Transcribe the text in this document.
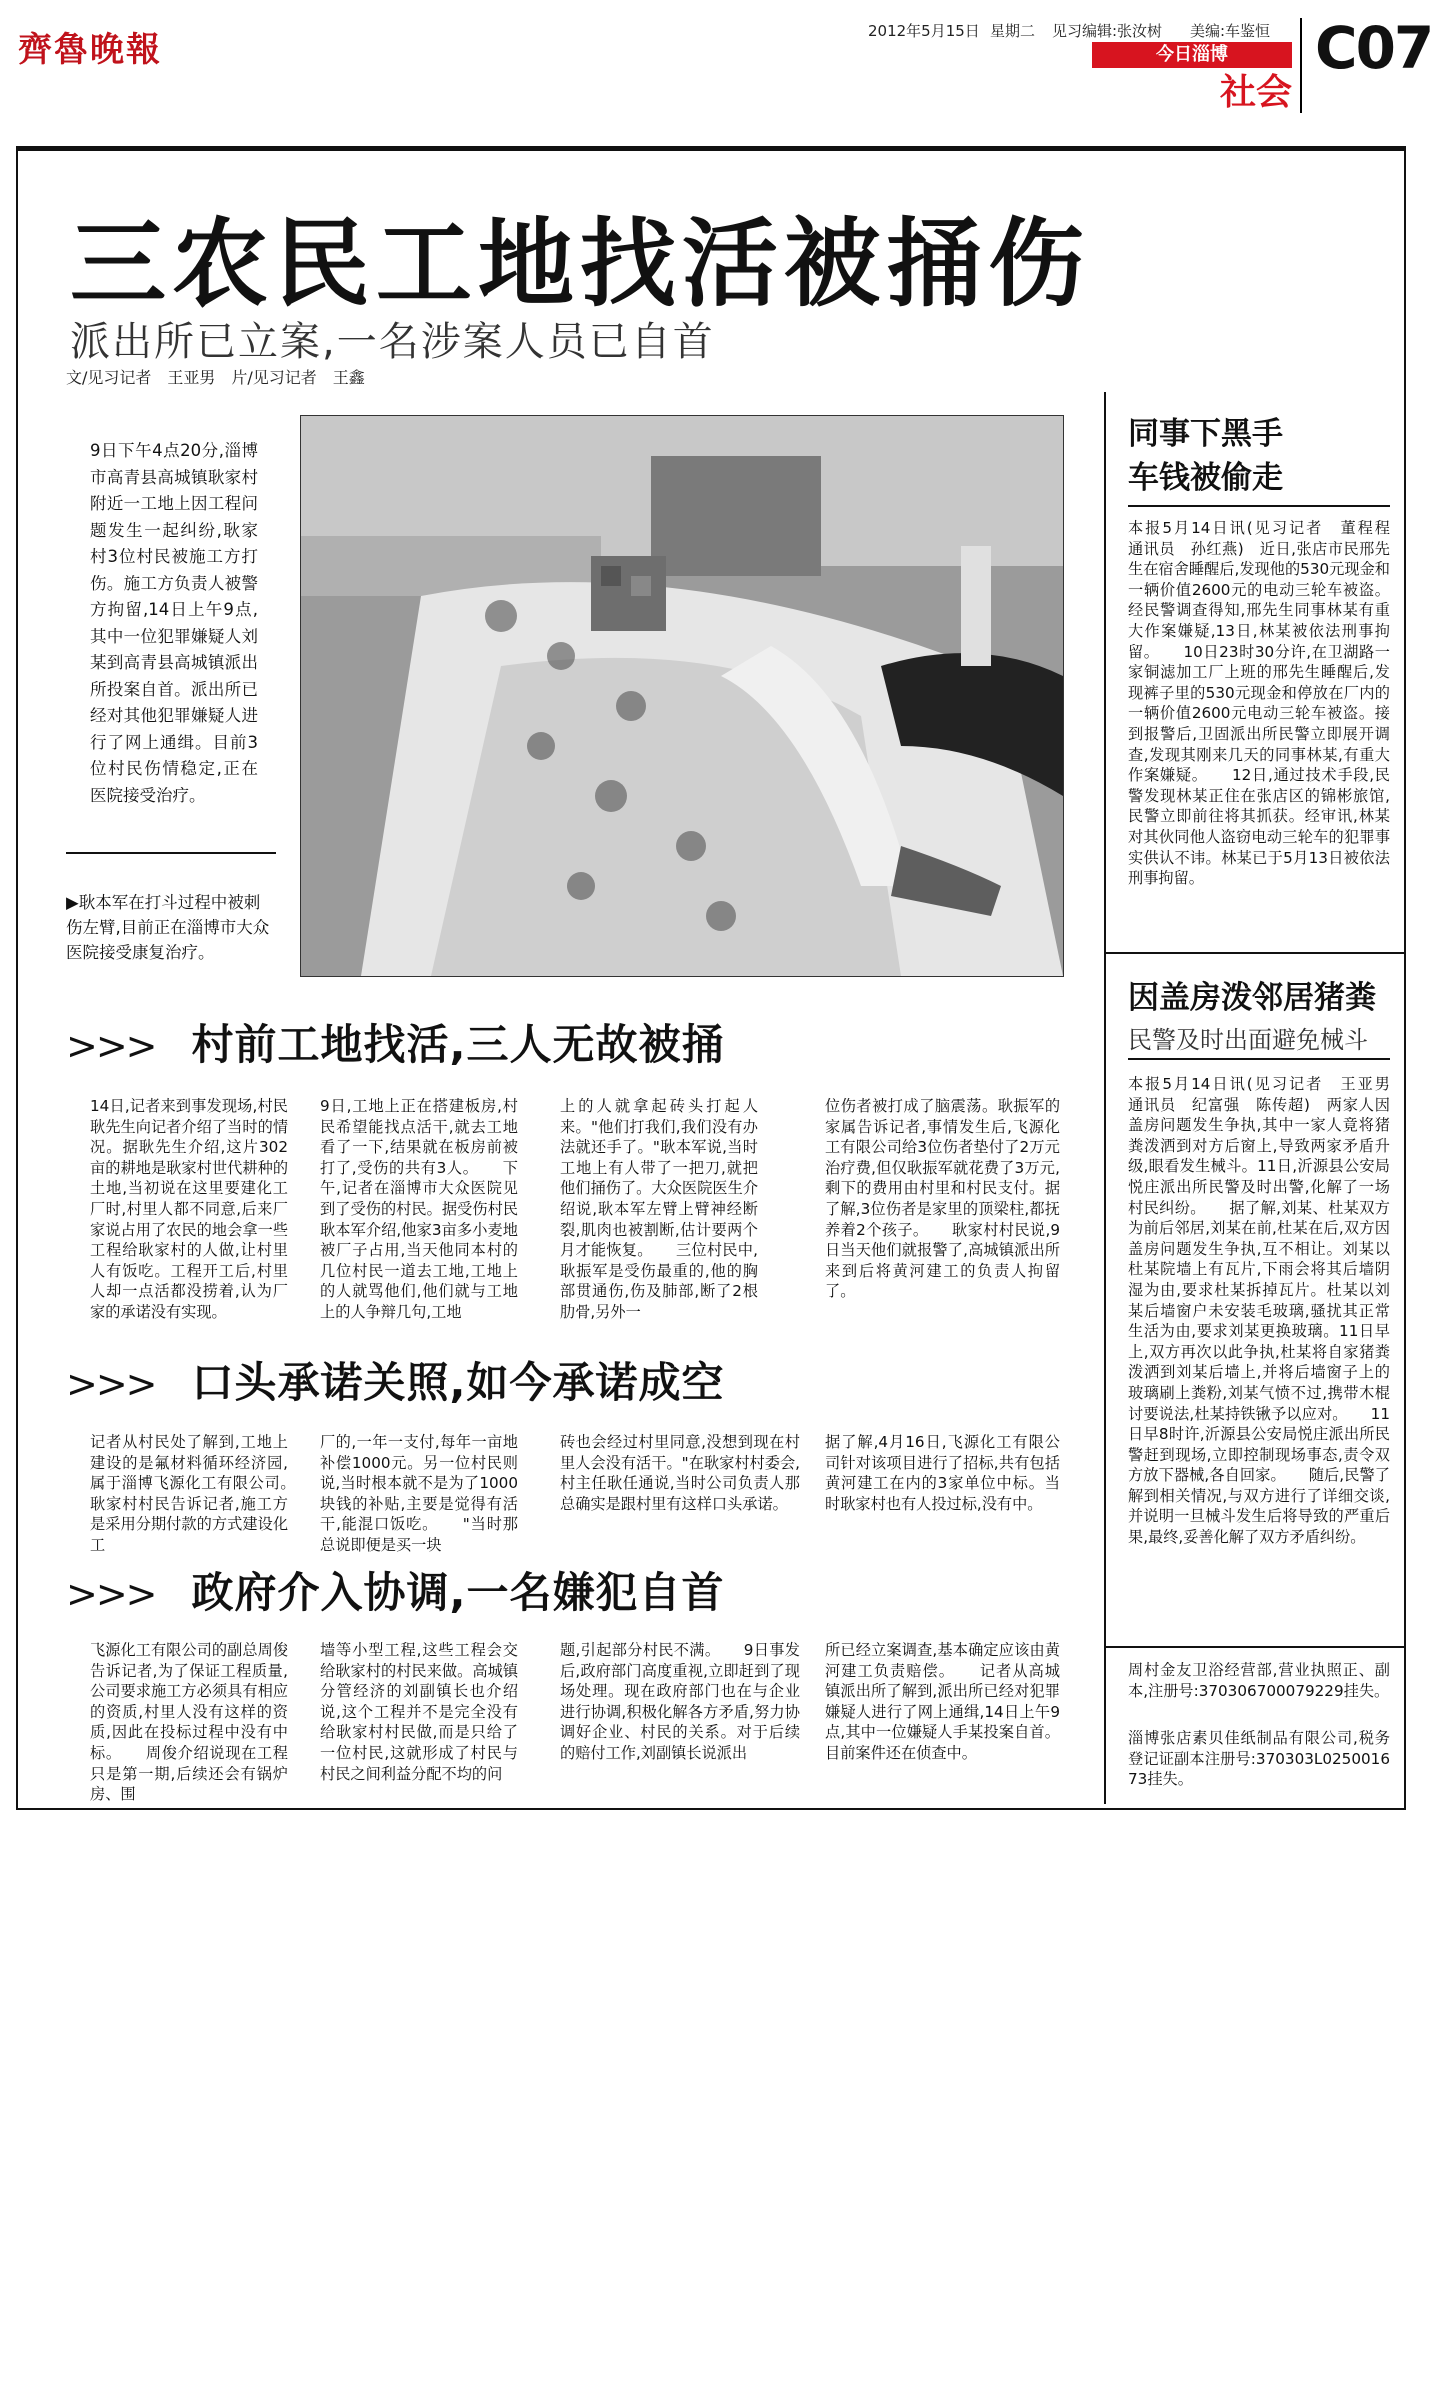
齊魯晚報	2012年5月15日 星期二 见习编辑:张汝树 美编:车鉴恒
今日淄博
社会
C07
三农民工地找活被捅伤
派出所已立案,一名涉案人员已自首
文/见习记者　王亚男　片/见习记者　王鑫
9日下午4点20分,淄博市高青县高城镇耿家村附近一工地上因工程问题发生一起纠纷,耿家村3位村民被施工方打伤。施工方负责人被警方拘留,14日上午9点,其中一位犯罪嫌疑人刘某到高青县高城镇派出所投案自首。派出所已经对其他犯罪嫌疑人进行了网上通缉。目前3位村民伤情稳定,正在医院接受治疗。
▶耿本军在打斗过程中被刺伤左臂,目前正在淄博市大众医院接受康复治疗。
>>> 村前工地找活,三人无故被捅
14日,记者来到事发现场,村民耿先生向记者介绍了当时的情况。据耿先生介绍,这片302亩的耕地是耿家村世代耕种的土地,当初说在这里要建化工厂时,村里人都不同意,后来厂家说占用了农民的地会拿一些工程给耿家村的人做,让村里人有饭吃。工程开工后,村里人却一点活都没捞着,认为厂家的承诺没有实现。
9日,工地上正在搭建板房,村民希望能找点活干,就去工地看了一下,结果就在板房前被打了,受伤的共有3人。　　下午,记者在淄博市大众医院见到了受伤的村民。据受伤村民耿本军介绍,他家3亩多小麦地被厂子占用,当天他同本村的几位村民一道去工地,工地上的人就骂他们,他们就与工地上的人争辩几句,工地
上的人就拿起砖头打起人来。"他们打我们,我们没有办法就还手了。"耿本军说,当时工地上有人带了一把刀,就把他们捅伤了。大众医院医生介绍说,耿本军左臂上臂神经断裂,肌肉也被割断,估计要两个月才能恢复。　　三位村民中,耿振军是受伤最重的,他的胸部贯通伤,伤及肺部,断了2根肋骨,另外一
位伤者被打成了脑震荡。耿振军的家属告诉记者,事情发生后,飞源化工有限公司给3位伤者垫付了2万元治疗费,但仅耿振军就花费了3万元,剩下的费用由村里和村民支付。据了解,3位伤者是家里的顶梁柱,都抚养着2个孩子。　　耿家村村民说,9日当天他们就报警了,高城镇派出所来到后将黄河建工的负责人拘留了。
>>> 口头承诺关照,如今承诺成空
记者从村民处了解到,工地上建设的是氟材料循环经济园,属于淄博飞源化工有限公司。　　耿家村村民告诉记者,施工方是采用分期付款的方式建设化工
厂的,一年一支付,每年一亩地补偿1000元。另一位村民则说,当时根本就不是为了1000块钱的补贴,主要是觉得有活干,能混口饭吃。　　"当时那总说即便是买一块
砖也会经过村里同意,没想到现在村里人会没有活干。"在耿家村村委会,村主任耿任通说,当时公司负责人那总确实是跟村里有这样口头承诺。
据了解,4月16日,飞源化工有限公司针对该项目进行了招标,共有包括黄河建工在内的3家单位中标。当时耿家村也有人投过标,没有中。
>>> 政府介入协调,一名嫌犯自首
飞源化工有限公司的副总周俊告诉记者,为了保证工程质量,公司要求施工方必须具有相应的资质,村里人没有这样的资质,因此在投标过程中没有中标。　　周俊介绍说现在工程只是第一期,后续还会有锅炉房、围
墙等小型工程,这些工程会交给耿家村的村民来做。高城镇分管经济的刘副镇长也介绍说,这个工程并不是完全没有给耿家村村民做,而是只给了一位村民,这就形成了村民与村民之间利益分配不均的问
题,引起部分村民不满。　　9日事发后,政府部门高度重视,立即赶到了现场处理。现在政府部门也在与企业进行协调,积极化解各方矛盾,努力协调好企业、村民的关系。对于后续的赔付工作,刘副镇长说派出
所已经立案调查,基本确定应该由黄河建工负责赔偿。　　记者从高城镇派出所了解到,派出所已经对犯罪嫌疑人进行了网上通缉,14日上午9点,其中一位嫌疑人手某投案自首。目前案件还在侦查中。
同事下黑手
车钱被偷走
本报5月14日讯(见习记者　董程程　通讯员　孙红燕)　近日,张店市民邢先生在宿舍睡醒后,发现他的530元现金和一辆价值2600元的电动三轮车被盗。经民警调查得知,邢先生同事林某有重大作案嫌疑,13日,林某被依法刑事拘留。　　10日23时30分许,在卫湖路一家铜滤加工厂上班的邢先生睡醒后,发现裤子里的530元现金和停放在厂内的一辆价值2600元电动三轮车被盗。接到报警后,卫固派出所民警立即展开调查,发现其刚来几天的同事林某,有重大作案嫌疑。　　12日,通过技术手段,民警发现林某正住在张店区的锦彬旅馆,民警立即前往将其抓获。经审讯,林某对其伙同他人盗窃电动三轮车的犯罪事实供认不讳。林某已于5月13日被依法刑事拘留。
因盖房泼邻居猪粪
民警及时出面避免械斗
本报5月14日讯(见习记者　王亚男　通讯员　纪富强　陈传超)　两家人因盖房问题发生争执,其中一家人竟将猪粪泼洒到对方后窗上,导致两家矛盾升级,眼看发生械斗。11日,沂源县公安局悦庄派出所民警及时出警,化解了一场村民纠纷。　　据了解,刘某、杜某双方为前后邻居,刘某在前,杜某在后,双方因盖房问题发生争执,互不相让。刘某以杜某院墙上有瓦片,下雨会将其后墙阴湿为由,要求杜某拆掉瓦片。杜某以刘某后墙窗户未安装毛玻璃,骚扰其正常生活为由,要求刘某更换玻璃。11日早上,双方再次以此争执,杜某将自家猪粪泼洒到刘某后墙上,并将后墙窗子上的玻璃刷上粪粉,刘某气愤不过,携带木棍讨要说法,杜某持铁锹予以应对。　　11日早8时许,沂源县公安局悦庄派出所民警赶到现场,立即控制现场事态,责令双方放下器械,各自回家。　　随后,民警了解到相关情况,与双方进行了详细交谈,并说明一旦械斗发生后将导致的严重后果,最终,妥善化解了双方矛盾纠纷。
周村金友卫浴经营部,营业执照正、副本,注册号:370306700079229挂失。
淄博张店素贝佳纸制品有限公司,税务登记证副本注册号:370303L025001673挂失。
